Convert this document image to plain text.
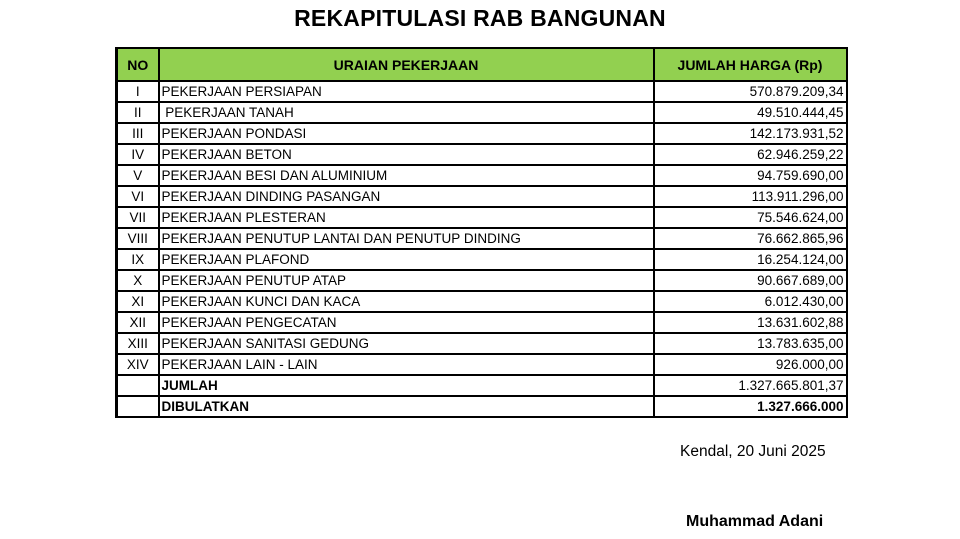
REKAPITULASI RAB BANGUNAN
NO	URAIAN PEKERJAAN	JUMLAH HARGA (Rp)
I	PEKERJAAN PERSIAPAN	570.879.209,34
II	PEKERJAAN TANAH	49.510.444,45
III	PEKERJAAN PONDASI	142.173.931,52
IV	PEKERJAAN BETON	62.946.259,22
V	PEKERJAAN BESI DAN ALUMINIUM	94.759.690,00
VI	PEKERJAAN DINDING PASANGAN	113.911.296,00
VII	PEKERJAAN PLESTERAN	75.546.624,00
VIII	PEKERJAAN PENUTUP LANTAI DAN PENUTUP DINDING	76.662.865,96
IX	PEKERJAAN PLAFOND	16.254.124,00
X	PEKERJAAN PENUTUP ATAP	90.667.689,00
XI	PEKERJAAN KUNCI DAN KACA	6.012.430,00
XII	PEKERJAAN PENGECATAN	13.631.602,88
XIII	PEKERJAAN SANITASI GEDUNG	13.783.635,00
XIV	PEKERJAAN LAIN - LAIN	926.000,00
	JUMLAH	1.327.665.801,37
	DIBULATKAN	1.327.666.000
Kendal, 20 Juni 2025
Muhammad Adani
